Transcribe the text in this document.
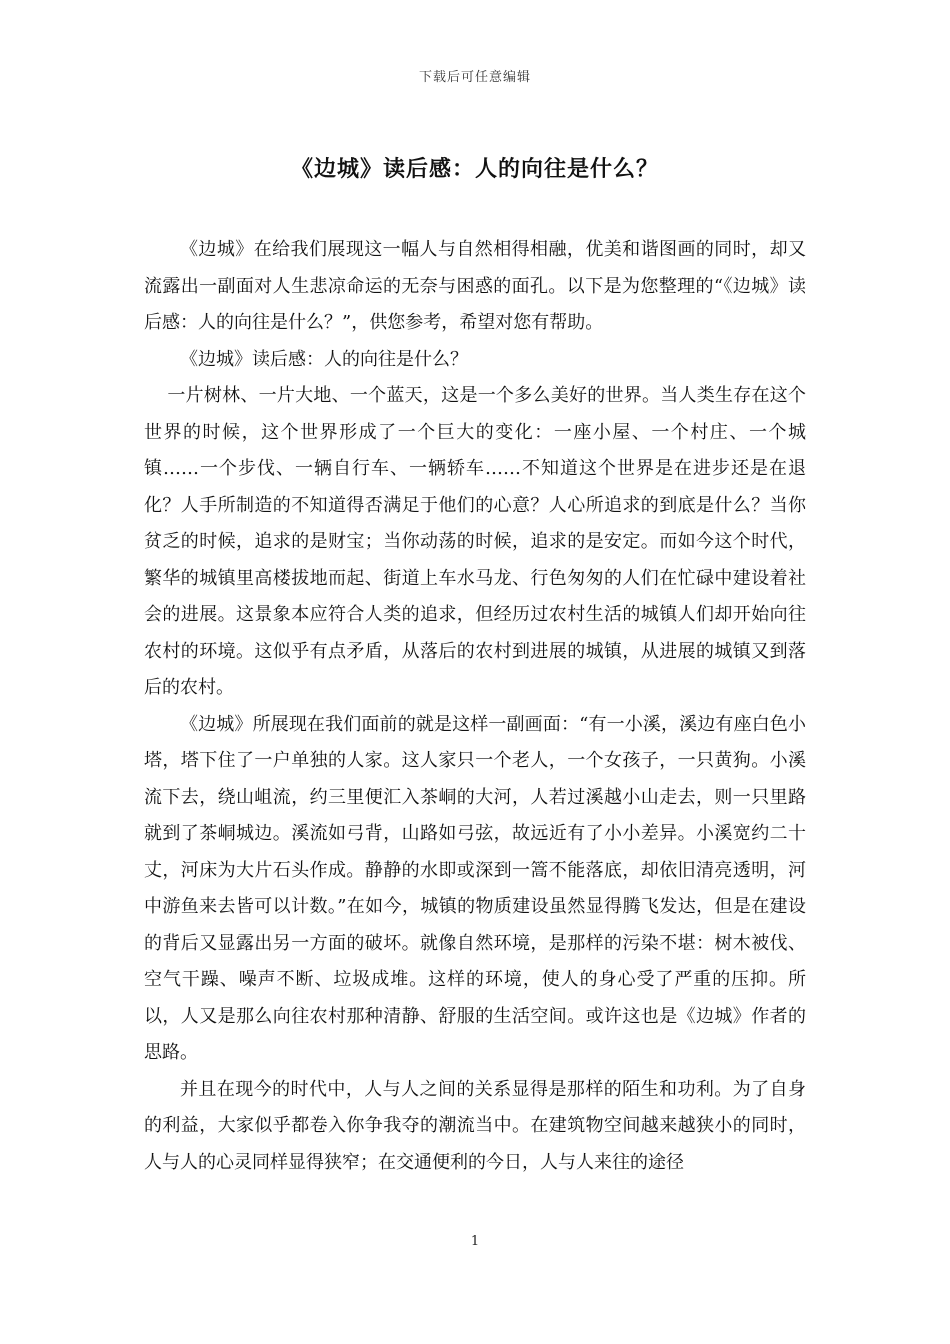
下载后可任意编辑
《边城》读后感：人的向往是什么？

《边城》在给我们展现这一幅人与自然相得相融，优美和谐图画的同时，却又流露出一副面对人生悲凉命运的无奈与困惑的面孔。以下是为您整理的“《边城》读后感：人的向往是什么？”，供您参考，希望对您有帮助。

《边城》读后感：人的向往是什么？

一片树林、一片大地、一个蓝天，这是一个多么美好的世界。当人类生存在这个世界的时候，这个世界形成了一个巨大的变化：一座小屋、一个村庄、一个城镇……一个步伐、一辆自行车、一辆轿车……不知道这个世界是在进步还是在退化？人手所制造的不知道得否满足于他们的心意？人心所追求的到底是什么？当你贫乏的时候，追求的是财宝；当你动荡的时候，追求的是安定。而如今这个时代，繁华的城镇里高楼拔地而起、街道上车水马龙、行色匆匆的人们在忙碌中建设着社会的进展。这景象本应符合人类的追求，但经历过农村生活的城镇人们却开始向往农村的环境。这似乎有点矛盾，从落后的农村到进展的城镇，从进展的城镇又到落后的农村。

《边城》所展现在我们面前的就是这样一副画面：“有一小溪，溪边有座白色小塔，塔下住了一户单独的人家。这人家只一个老人，一个女孩子，一只黄狗。小溪流下去，绕山岨流，约三里便汇入茶峒的大河，人若过溪越小山走去，则一只里路就到了茶峒城边。溪流如弓背，山路如弓弦，故远近有了小小差异。小溪宽约二十丈，河床为大片石头作成。静静的水即或深到一篙不能落底，却依旧清亮透明，河中游鱼来去皆可以计数。”在如今，城镇的物质建设虽然显得腾飞发达，但是在建设的背后又显露出另一方面的破坏。就像自然环境，是那样的污染不堪：树木被伐、空气干躁、噪声不断、垃圾成堆。这样的环境，使人的身心受了严重的压抑。所以，人又是那么向往农村那种清静、舒服的生活空间。或许这也是《边城》作者的思路。

并且在现今的时代中，人与人之间的关系显得是那样的陌生和功利。为了自身的利益，大家似乎都卷入你争我夺的潮流当中。在建筑物空间越来越狭小的同时，人与人的心灵同样显得狭窄；在交通便利的今日，人与人来往的途径

1
